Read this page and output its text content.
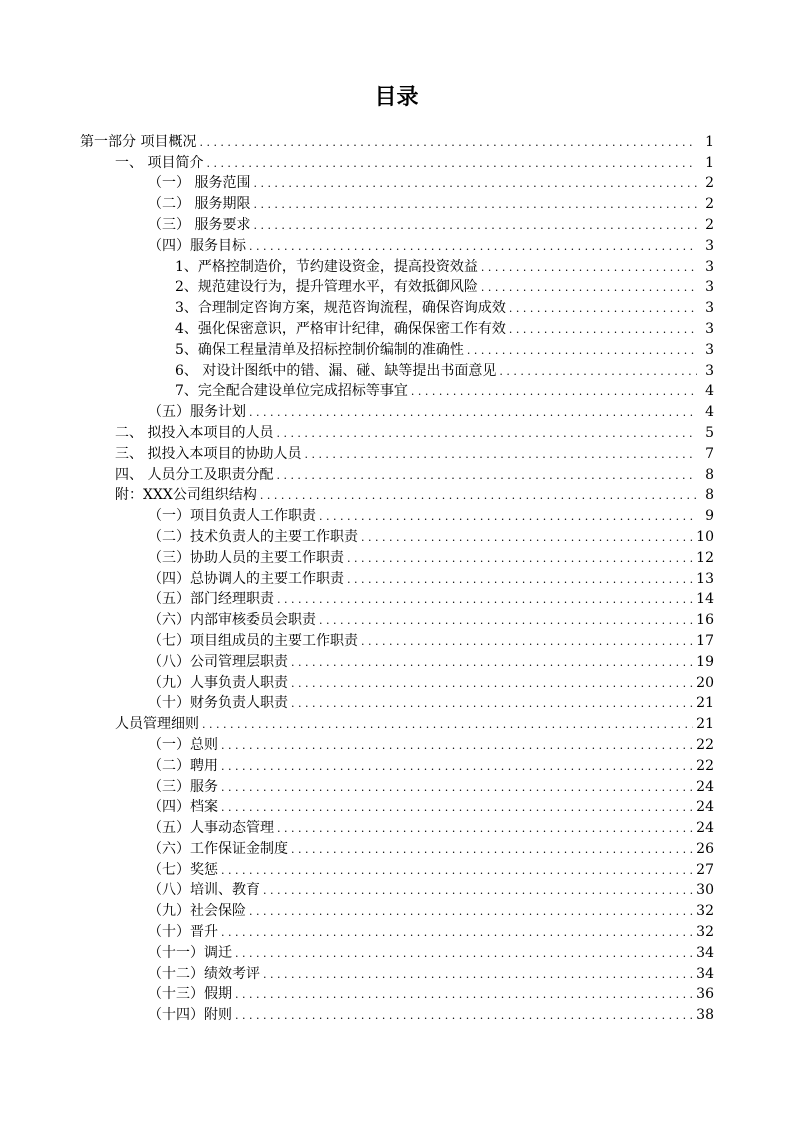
目录
第一部分 项目概况 . . .	1
一、 项目简介 . . .	1
（一） 服务范围 . . .	2
（二） 服务期限 . . .	2
（三） 服务要求 . . .	2
（四）服务目标 . . .	3
1、严格控制造价，节约建设资金，提高投资效益 . . .	3
2、规范建设行为，提升管理水平，有效抵御风险 . . .	3
3、合理制定咨询方案，规范咨询流程，确保咨询成效 . . .	3
4、强化保密意识，严格审计纪律，确保保密工作有效 . . .	3
5、确保工程量清单及招标控制价编制的准确性 . . .	3
6、 对设计图纸中的错、漏、碰、缺等提出书面意见 . . .	3
7、完全配合建设单位完成招标等事宜 . . .	4
（五）服务计划 . . .	4
二、 拟投入本项目的人员 . . .	5
三、 拟投入本项目的协助人员 . . .	7
四、 人员分工及职责分配 . . .	8
附：XXX公司组织结构 . . .	8
（一）项目负责人工作职责 . . .	9
（二）技术负责人的主要工作职责 . . .	10
（三）协助人员的主要工作职责 . . .	12
（四）总协调人的主要工作职责 . . .	13
（五）部门经理职责 . . .	14
（六）内部审核委员会职责 . . .	16
（七）项目组成员的主要工作职责 . . .	17
（八）公司管理层职责 . . .	19
（九）人事负责人职责 . . .	20
（十）财务负责人职责 . . .	21
人员管理细则 . . .	21
（一）总则 . . .	22
（二）聘用 . . .	22
（三）服务 . . .	24
（四）档案 . . .	24
（五）人事动态管理 . . .	24
（六）工作保证金制度 . . .	26
（七）奖惩 . . .	27
（八）培训、教育 . . .	30
（九）社会保险 . . .	32
（十）晋升 . . .	32
（十一）调迁 . . .	34
（十二）绩效考评 . . .	34
（十三）假期 . . .	36
（十四）附则 . . .	38
